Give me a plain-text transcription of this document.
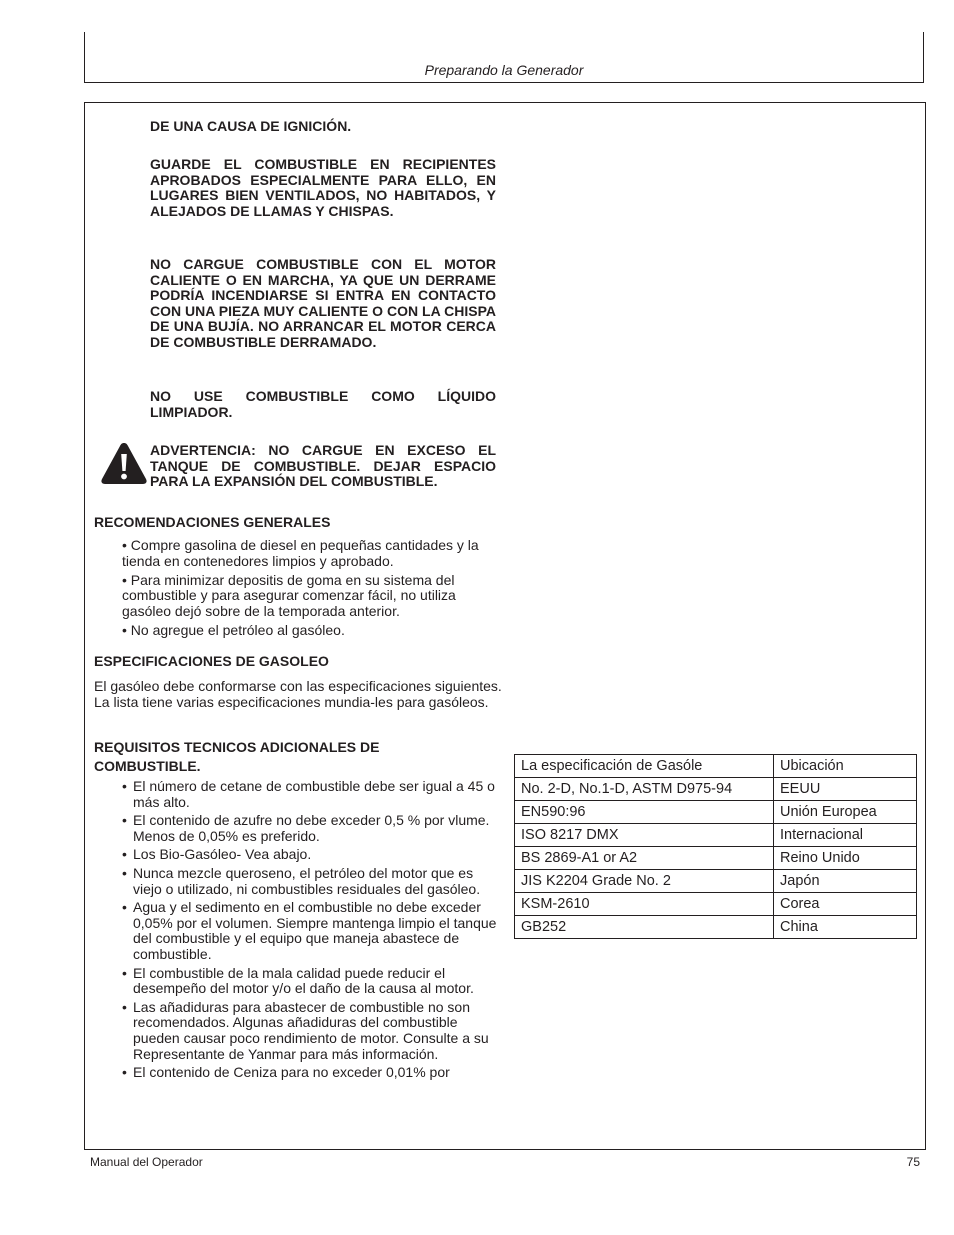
Preparando la Generador
DE UNA CAUSA DE IGNICIÓN.
GUARDE EL COMBUSTIBLE EN RECIPIENTES APROBADOS ESPECIALMENTE PARA ELLO, EN LUGARES BIEN VENTILADOS, NO HABITADOS, Y ALEJADOS DE LLAMAS Y CHISPAS.
NO CARGUE COMBUSTIBLE CON EL MOTOR CALIENTE O EN MARCHA, YA QUE UN DERRAME PODRÍA INCENDIARSE SI ENTRA EN CONTACTO CON UNA PIEZA MUY CALIENTE O CON LA CHISPA DE UNA BUJÍA. NO ARRANCAR EL MOTOR CERCA DE COMBUSTIBLE DERRAMADO.
NO USE COMBUSTIBLE COMO LÍQUIDO LIMPIADOR.
ADVERTENCIA: NO CARGUE EN EXCESO EL TANQUE DE COMBUSTIBLE. DEJAR ESPACIO PARA LA EXPANSIÓN DEL COMBUSTIBLE.
RECOMENDACIONES GENERALES
• Compre gasolina de diesel en pequeñas cantidades y la tienda en contenedores limpios y aprobado.
• Para minimizar depositis de goma en su sistema del combustible y para asegurar comenzar fácil, no utiliza gasóleo dejó sobre de la temporada anterior.
• No agregue el petróleo al gasóleo.
ESPECIFICACIONES DE GASOLEO
El gasóleo debe conformarse con las especificaciones siguientes. La lista tiene varias especificaciones mundia-les para gasóleos.
REQUISITOS TECNICOS ADICIONALES DE COMBUSTIBLE.
• El número de cetane de combustible debe ser igual a 45 o más alto.
• El contenido de azufre no debe exceder 0,5 % por vlume. Menos de 0,05% es preferido.
• Los Bio-Gasóleo- Vea abajo.
• Nunca mezcle queroseno, el petróleo del motor que es viejo o utilizado, ni combustibles residuales del gasóleo.
• Agua y el sedimento en el combustible no debe exceder 0,05% por el volumen. Siempre mantenga limpio el tanque del combustible y el equipo que maneja abastece de combustible.
• El combustible de la mala calidad puede reducir el desempeño del motor y/o el daño de la causa al motor.
• Las añadiduras para abastecer de combustible no son recomendados. Algunas añadiduras del combustible pueden causar poco rendimiento de motor. Consulte a su Representante de Yanmar para más información.
• El contenido de Ceniza para no exceder 0,01% por
La especificación de Gasóle	Ubicación
No. 2-D, No.1-D, ASTM D975-94	EEUU
EN590:96	Unión Europea
ISO 8217 DMX	Internacional
BS 2869-A1 or A2	Reino Unido
JIS K2204 Grade No. 2	Japón
KSM-2610	Corea
GB252	China
Manual del Operador	75
